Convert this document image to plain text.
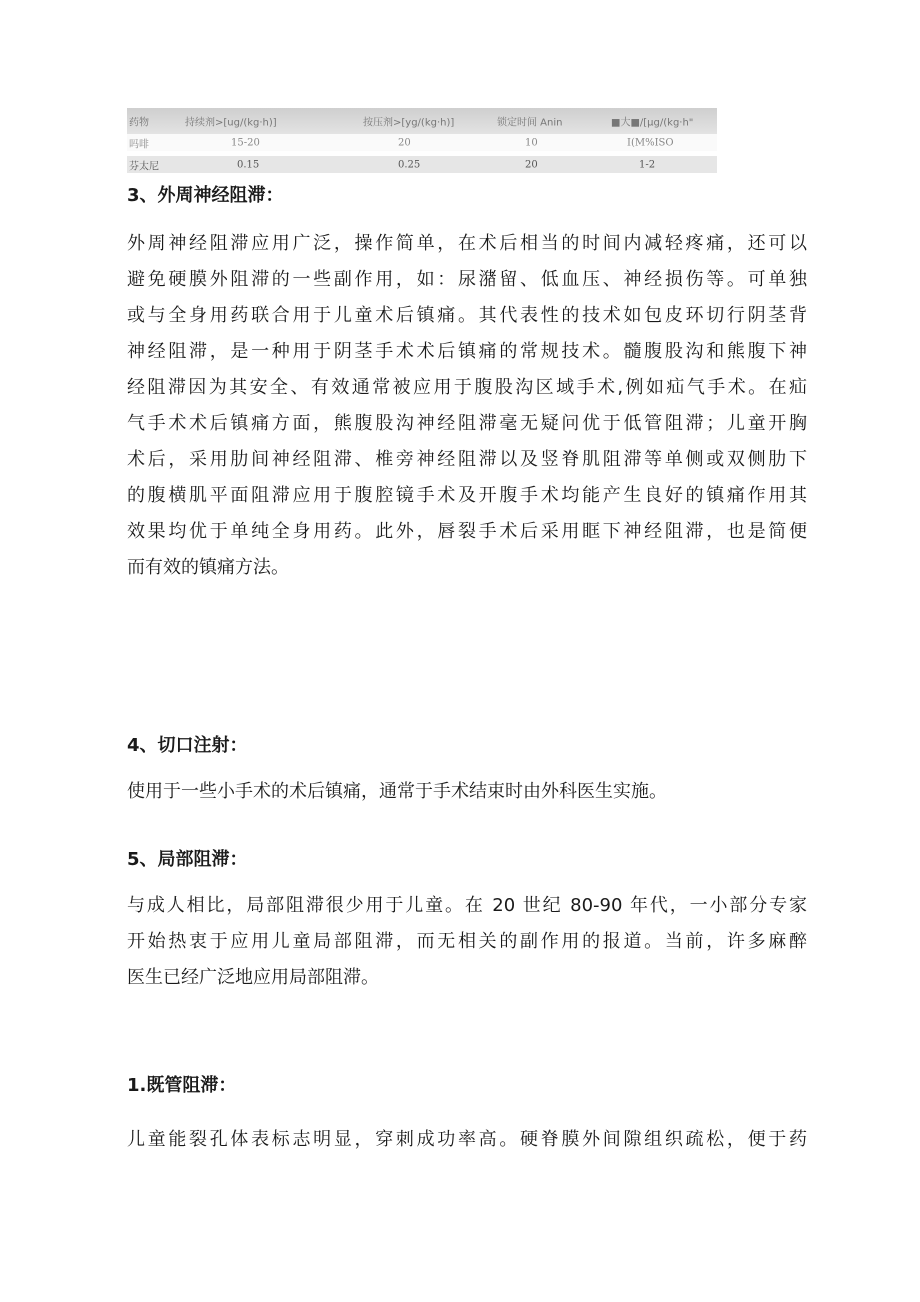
药物	持续剂>[ug/(kg·h)]	按压剂>[yg/(kg·h)]	锁定时间 Anin	■大■/[μg/(kg·h"
吗啡	15-20	20	10	I(M%ISO
芬太尼	0.15	0.25	20	1-2
3、外周神经阻滞：
外周神经阻滞应用广泛，操作简单，在术后相当的时间内减轻疼痛，还可以
避免硬膜外阻滞的一些副作用，如：尿潴留、低血压、神经损伤等。可单独
或与全身用药联合用于儿童术后镇痛。其代表性的技术如包皮环切行阴茎背
神经阻滞，是一种用于阴茎手术术后镇痛的常规技术。髓腹股沟和熊腹下神
经阻滞因为其安全、有效通常被应用于腹股沟区域手术,例如疝气手术。在疝
气手术术后镇痛方面，熊腹股沟神经阻滞毫无疑问优于低管阻滞；儿童开胸
术后，采用肋间神经阻滞、椎旁神经阻滞以及竖脊肌阻滞等单侧或双侧肋下
的腹横肌平面阻滞应用于腹腔镜手术及开腹手术均能产生良好的镇痛作用其
效果均优于单纯全身用药。此外，唇裂手术后采用眶下神经阻滞，也是简便
而有效的镇痛方法。
4、切口注射：
使用于一些小手术的术后镇痛，通常于手术结束时由外科医生实施。
5、局部阻滞：
与成人相比，局部阻滞很少用于儿童。在 20 世纪 80-90 年代，一小部分专家
开始热衷于应用儿童局部阻滞，而无相关的副作用的报道。当前，许多麻醉
医生已经广泛地应用局部阻滞。
1.既管阻滞：
儿童能裂孔体表标志明显，穿刺成功率高。硬脊膜外间隙组织疏松，便于药
